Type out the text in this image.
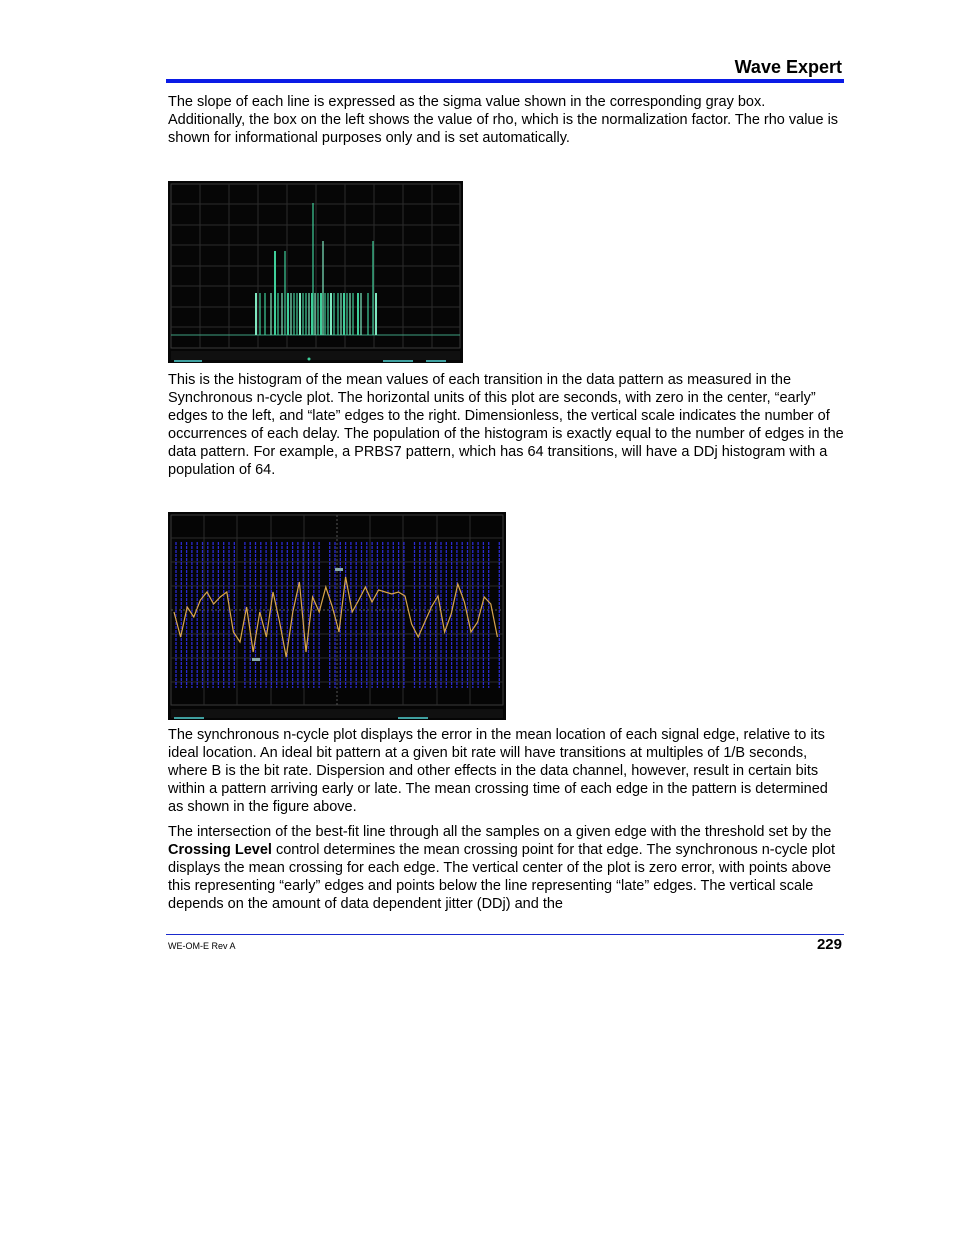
Wave Expert

The slope of each line is expressed as the sigma value shown in the corresponding gray box. Additionally, the box on the left shows the value of rho, which is the normalization factor. The rho value is shown for informational purposes only and is set automatically.

This is the histogram of the mean values of each transition in the data pattern as measured in the Synchronous n-cycle plot. The horizontal units of this plot are seconds, with zero in the center, “early” edges to the left, and “late” edges to the right. Dimensionless, the vertical scale indicates the number of occurrences of each delay. The population of the histogram is exactly equal to the number of edges in the data pattern. For example, a PRBS7 pattern, which has 64 transitions, will have a DDj histogram with a population of 64.

The synchronous n-cycle plot displays the error in the mean location of each signal edge, relative to its ideal location. An ideal bit pattern at a given bit rate will have transitions at multiples of 1/B seconds, where B is the bit rate. Dispersion and other effects in the data channel, however, result in certain bits within a pattern arriving early or late. The mean crossing time of each edge in the pattern is determined as shown in the figure above.

The intersection of the best-fit line through all the samples on a given edge with the threshold set by the Crossing Level control determines the mean crossing point for that edge. The synchronous n-cycle plot displays the mean crossing for each edge. The vertical center of the plot is zero error, with points above this representing “early” edges and points below the line representing “late” edges. The vertical scale depends on the amount of data dependent jitter (DDj) and the

WE-OM-E Rev A	229
